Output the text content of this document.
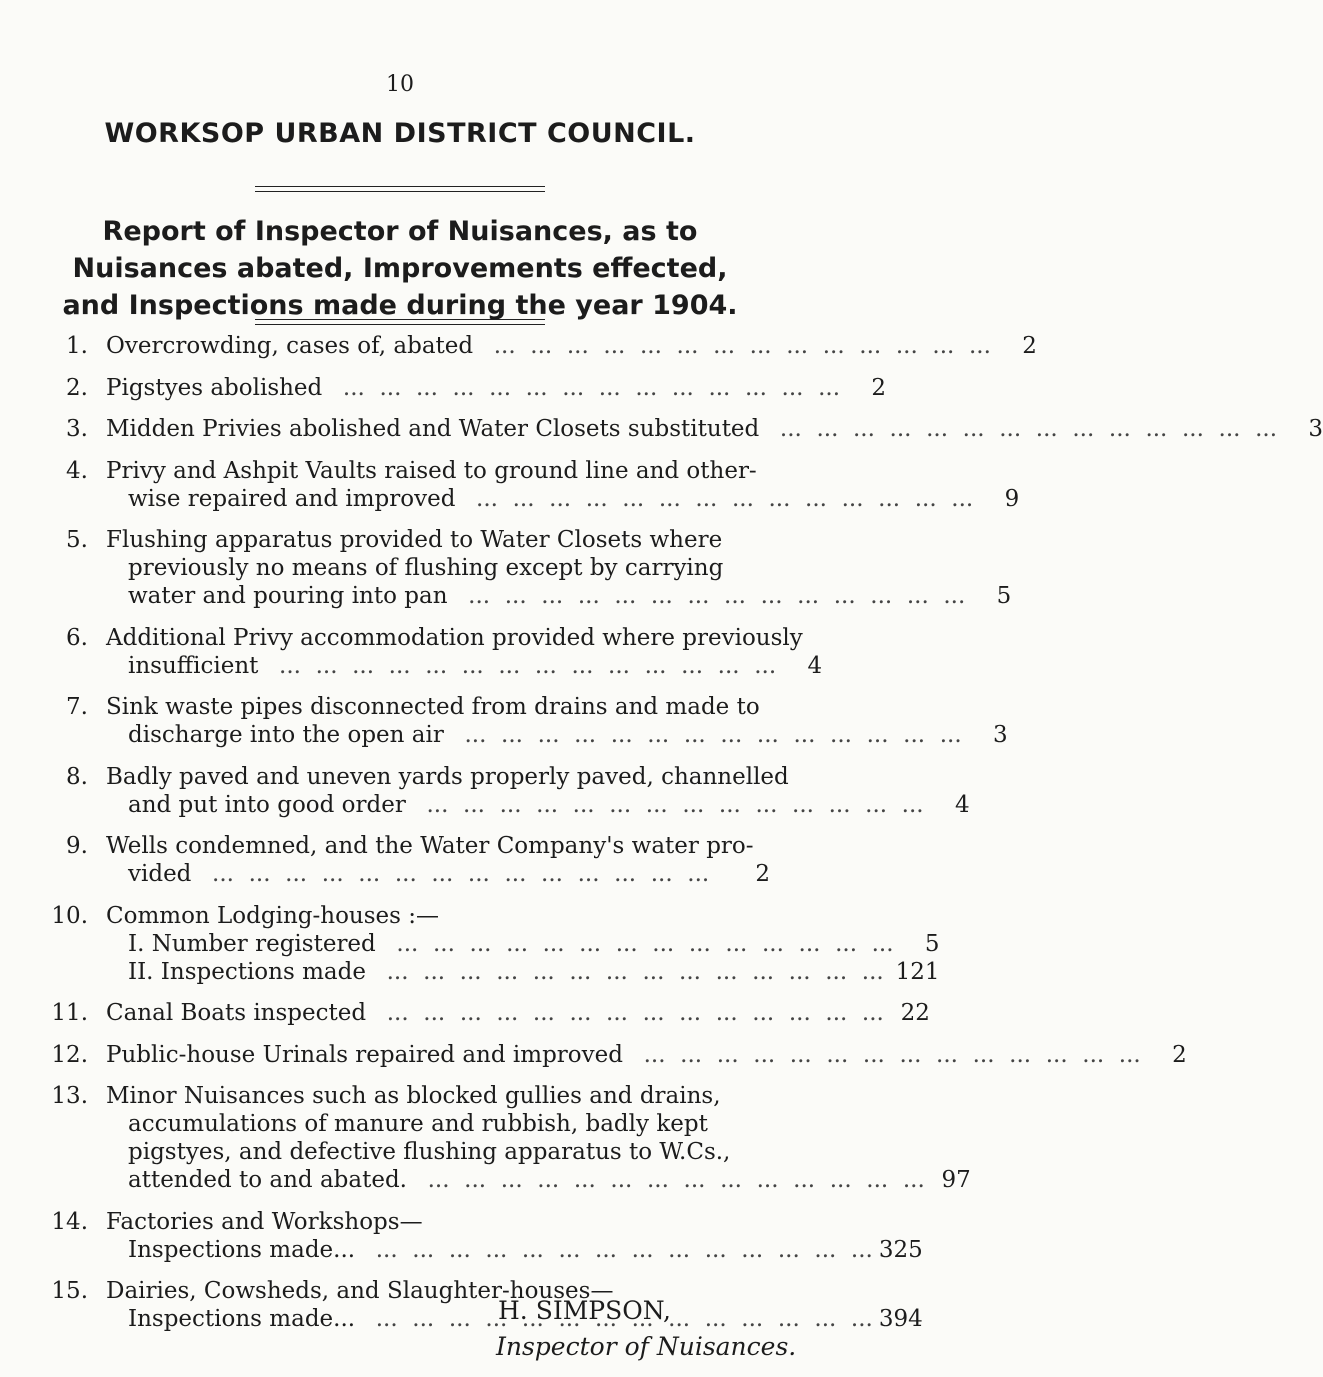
10
WORKSOP URBAN DISTRICT COUNCIL.
Report of Inspector of Nuisances, as to Nuisances abated, Improvements effected, and Inspections made during the year 1904.
1. Overcrowding, cases of, abated ...	2
2. Pigstyes abolished ...	2
3. Midden Privies abolished and Water Closets substituted ...	3
4. Privy and Ashpit Vaults raised to ground line and other-
wise repaired and improved ...	9
5. Flushing apparatus provided to Water Closets where
previously no means of flushing except by carrying
water and pouring into pan ...	5
6. Additional Privy accommodation provided where previously
insufficient ...	4
7. Sink waste pipes disconnected from drains and made to
discharge into the open air ...	3
8. Badly paved and uneven yards properly paved, channelled
and put into good order ...	4
9. Wells condemned, and the Water Company's water pro-
vided ...	2
10. Common Lodging-houses :—
I. Number registered ...	5
II. Inspections made ...	121
11. Canal Boats inspected ...	22
12. Public-house Urinals repaired and improved ...	2
13. Minor Nuisances such as blocked gullies and drains,
accumulations of manure and rubbish, badly kept
pigstyes, and defective flushing apparatus to W.Cs.,
attended to and abated. ...	97
14. Factories and Workshops—
Inspections made... ...	325
15. Dairies, Cowsheds, and Slaughter-houses—
Inspections made... ...	394
H. SIMPSON,
Inspector of Nuisances.
